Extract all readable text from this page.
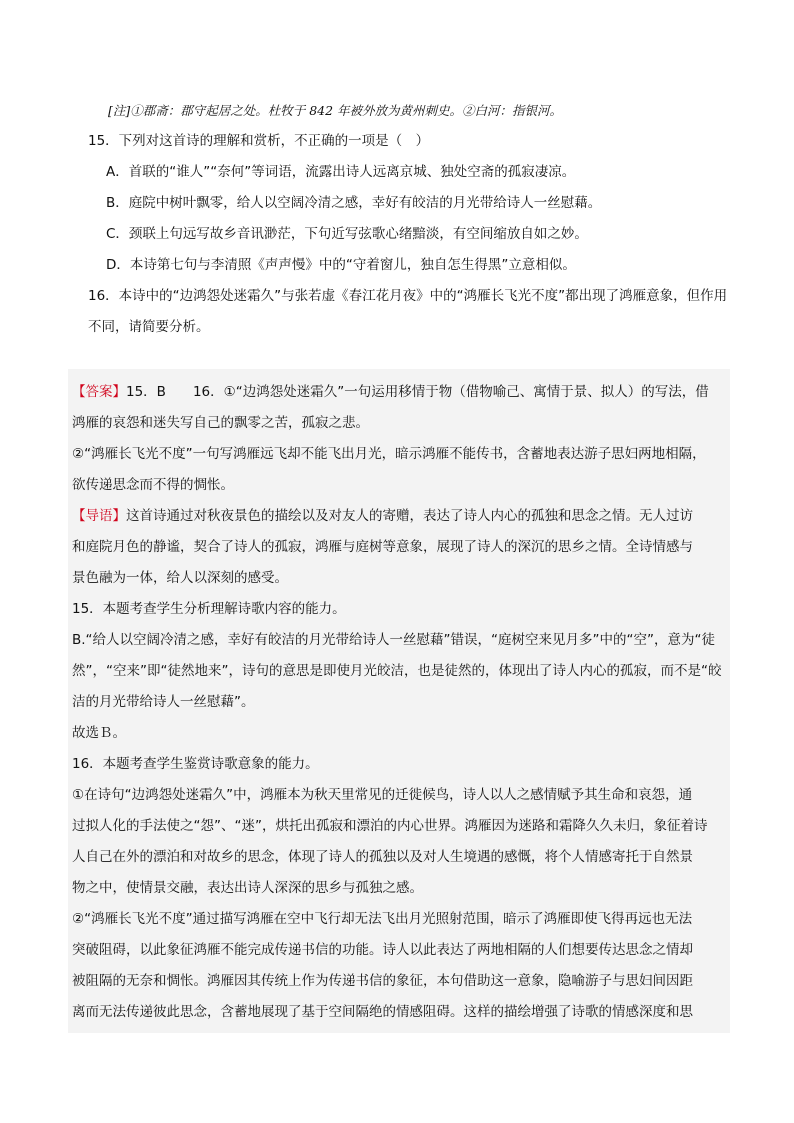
[注]①郡斋：郡守起居之处。杜牧于 842 年被外放为黄州刺史。②白河：指银河。
15．下列对这首诗的理解和赏析，不正确的一项是（　）
A．首联的“谁人”“奈何”等词语，流露出诗人远离京城、独处空斋的孤寂凄凉。
B．庭院中树叶飘零，给人以空阔冷清之感，幸好有皎洁的月光带给诗人一丝慰藉。
C．颈联上句远写故乡音讯渺茫，下句近写弦歌心绪黯淡，有空间缩放自如之妙。
D．本诗第七句与李清照《声声慢》中的“守着窗儿，独自怎生得黑”立意相似。
16．本诗中的“边鸿怨处迷霜久”与张若虚《春江花月夜》中的“鸿雁长飞光不度”都出现了鸿雁意象，但作用
不同，请简要分析。
【答案】15．B　　16．①“边鸿怨处迷霜久”一句运用移情于物（借物喻己、寓情于景、拟人）的写法，借
鸿雁的哀怨和迷失写自己的飘零之苦，孤寂之悲。
②“鸿雁长飞光不度”一句写鸿雁远飞却不能飞出月光，暗示鸿雁不能传书，含蓄地表达游子思妇两地相隔，
欲传递思念而不得的惆怅。
【导语】这首诗通过对秋夜景色的描绘以及对友人的寄赠，表达了诗人内心的孤独和思念之情。无人过访
和庭院月色的静谧，契合了诗人的孤寂，鸿雁与庭树等意象，展现了诗人的深沉的思乡之情。全诗情感与
景色融为一体，给人以深刻的感受。
15．本题考查学生分析理解诗歌内容的能力。
B.“给人以空阔冷清之感，幸好有皎洁的月光带给诗人一丝慰藉”错误，“庭树空来见月多”中的“空”，意为“徒
然”，“空来”即“徒然地来”，诗句的意思是即使月光皎洁，也是徒然的，体现出了诗人内心的孤寂，而不是“皎
洁的月光带给诗人一丝慰藉”。
故选Ｂ。
16．本题考查学生鉴赏诗歌意象的能力。
①在诗句“边鸿怨处迷霜久”中，鸿雁本为秋天里常见的迁徙候鸟，诗人以人之感情赋予其生命和哀怨，通
过拟人化的手法使之“怨”、“迷”，烘托出孤寂和漂泊的内心世界。鸿雁因为迷路和霜降久久未归，象征着诗
人自己在外的漂泊和对故乡的思念，体现了诗人的孤独以及对人生境遇的感慨，将个人情感寄托于自然景
物之中，使情景交融，表达出诗人深深的思乡与孤独之感。
②“鸿雁长飞光不度”通过描写鸿雁在空中飞行却无法飞出月光照射范围，暗示了鸿雁即使飞得再远也无法
突破阻碍，以此象征鸿雁不能完成传递书信的功能。诗人以此表达了两地相隔的人们想要传达思念之情却
被阻隔的无奈和惆怅。鸿雁因其传统上作为传递书信的象征，本句借助这一意象，隐喻游子与思妇间因距
离而无法传递彼此思念，含蓄地展现了基于空间隔绝的情感阻碍。这样的描绘增强了诗歌的情感深度和思
